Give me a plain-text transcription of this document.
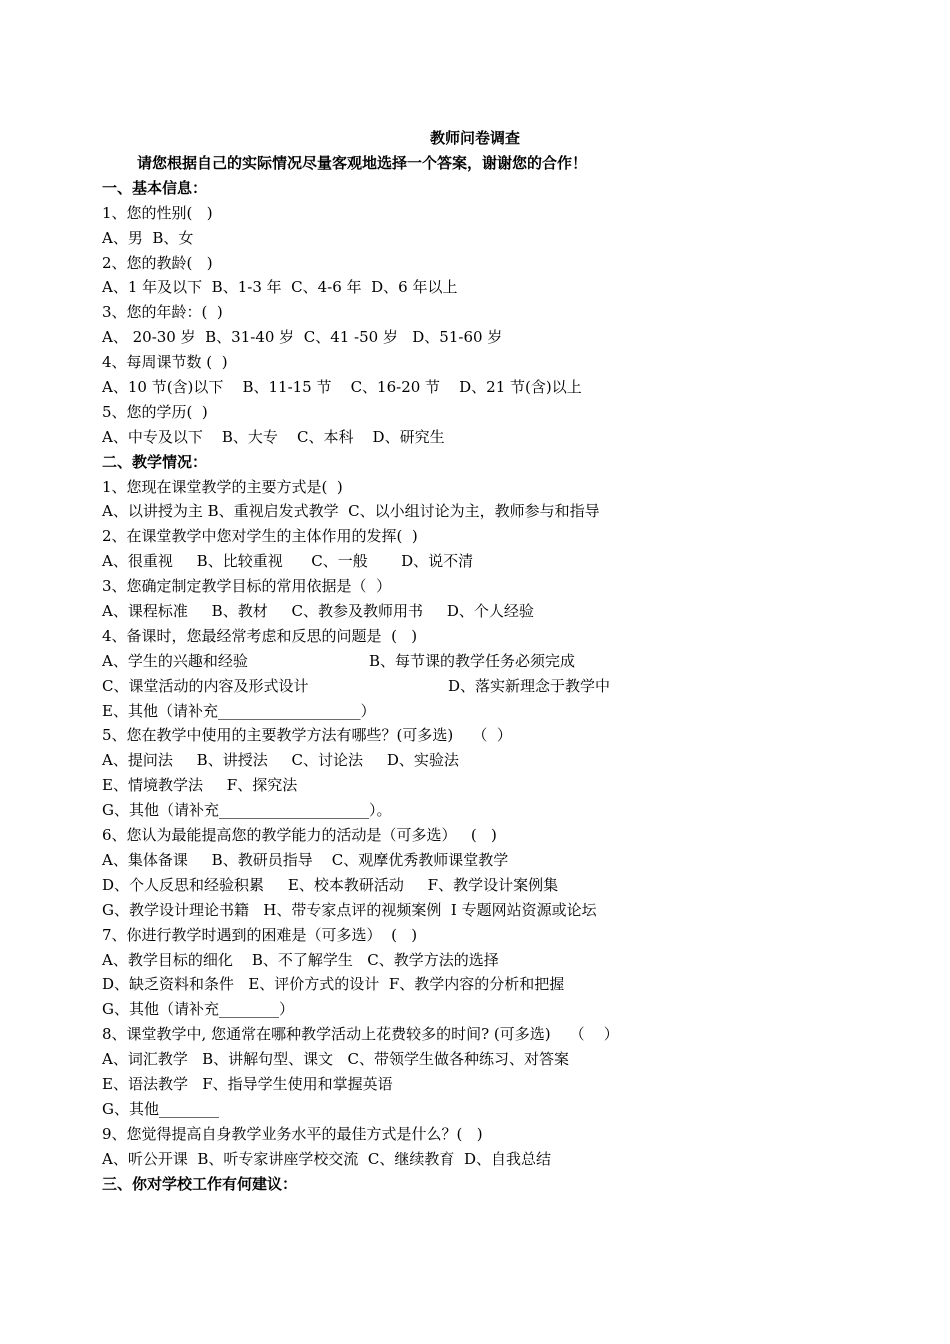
教师问卷调查
请您根据自己的实际情况尽量客观地选择一个答案，谢谢您的合作！
一、基本信息：
1、您的性别(   )
A、男  B、女
2、您的教龄(   )
A、1 年及以下  B、1-3 年  C、4-6 年  D、6 年以上
3、您的年龄：(  )
A、 20-30 岁  B、31-40 岁  C、41 -50 岁   D、51-60 岁
4、每周课节数 (  )
A、10 节(含)以下    B、11-15 节    C、16-20 节    D、21 节(含)以上
5、您的学历(  )
A、中专及以下    B、大专    C、本科    D、研究生
二、教学情况：
1、您现在课堂教学的主要方式是(  )
A、以讲授为主 B、重视启发式教学  C、以小组讨论为主，教师参与和指导
2、在课堂教学中您对学生的主体作用的发挥(  )
A、很重视     B、比较重视      C、一般       D、说不清
3、您确定制定教学目标的常用依据是（  ）
A、课程标准     B、教材     C、教参及教师用书     D、个人经验
4、备课时，您最经常考虑和反思的问题是  (   )
A、学生的兴趣和经验	B、每节课的教学任务必须完成
C、课堂活动的内容及形式设计	D、落实新理念于教学中
E、其他（请补充___________________）
5、您在教学中使用的主要教学方法有哪些？(可多选)    （  ）
A、提问法     B、讲授法     C、讨论法     D、实验法
E、情境教学法     F、探究法
G、其他（请补充____________________）。
6、您认为最能提高您的教学能力的活动是（可多选）   (   )
A、集体备课     B、教研员指导    C、观摩优秀教师课堂教学
D、个人反思和经验积累     E、校本教研活动     F、教学设计案例集
G、教学设计理论书籍   H、带专家点评的视频案例  I 专题网站资源或论坛
7、你进行教学时遇到的困难是（可多选）  (   )
A、教学目标的细化    B、不了解学生   C、教学方法的选择
D、缺乏资料和条件   E、评价方式的设计  F、教学内容的分析和把握
G、其他（请补充________）
8、课堂教学中, 您通常在哪种教学活动上花费较多的时间? (可多选)    （    ）
A、词汇教学   B、讲解句型、课文   C、带领学生做各种练习、对答案
E、语法教学   F、指导学生使用和掌握英语
G、其他________
9、您觉得提高自身教学业务水平的最佳方式是什么？(   )
A、听公开课  B、听专家讲座学校交流  C、继续教育  D、自我总结
三、你对学校工作有何建议：
